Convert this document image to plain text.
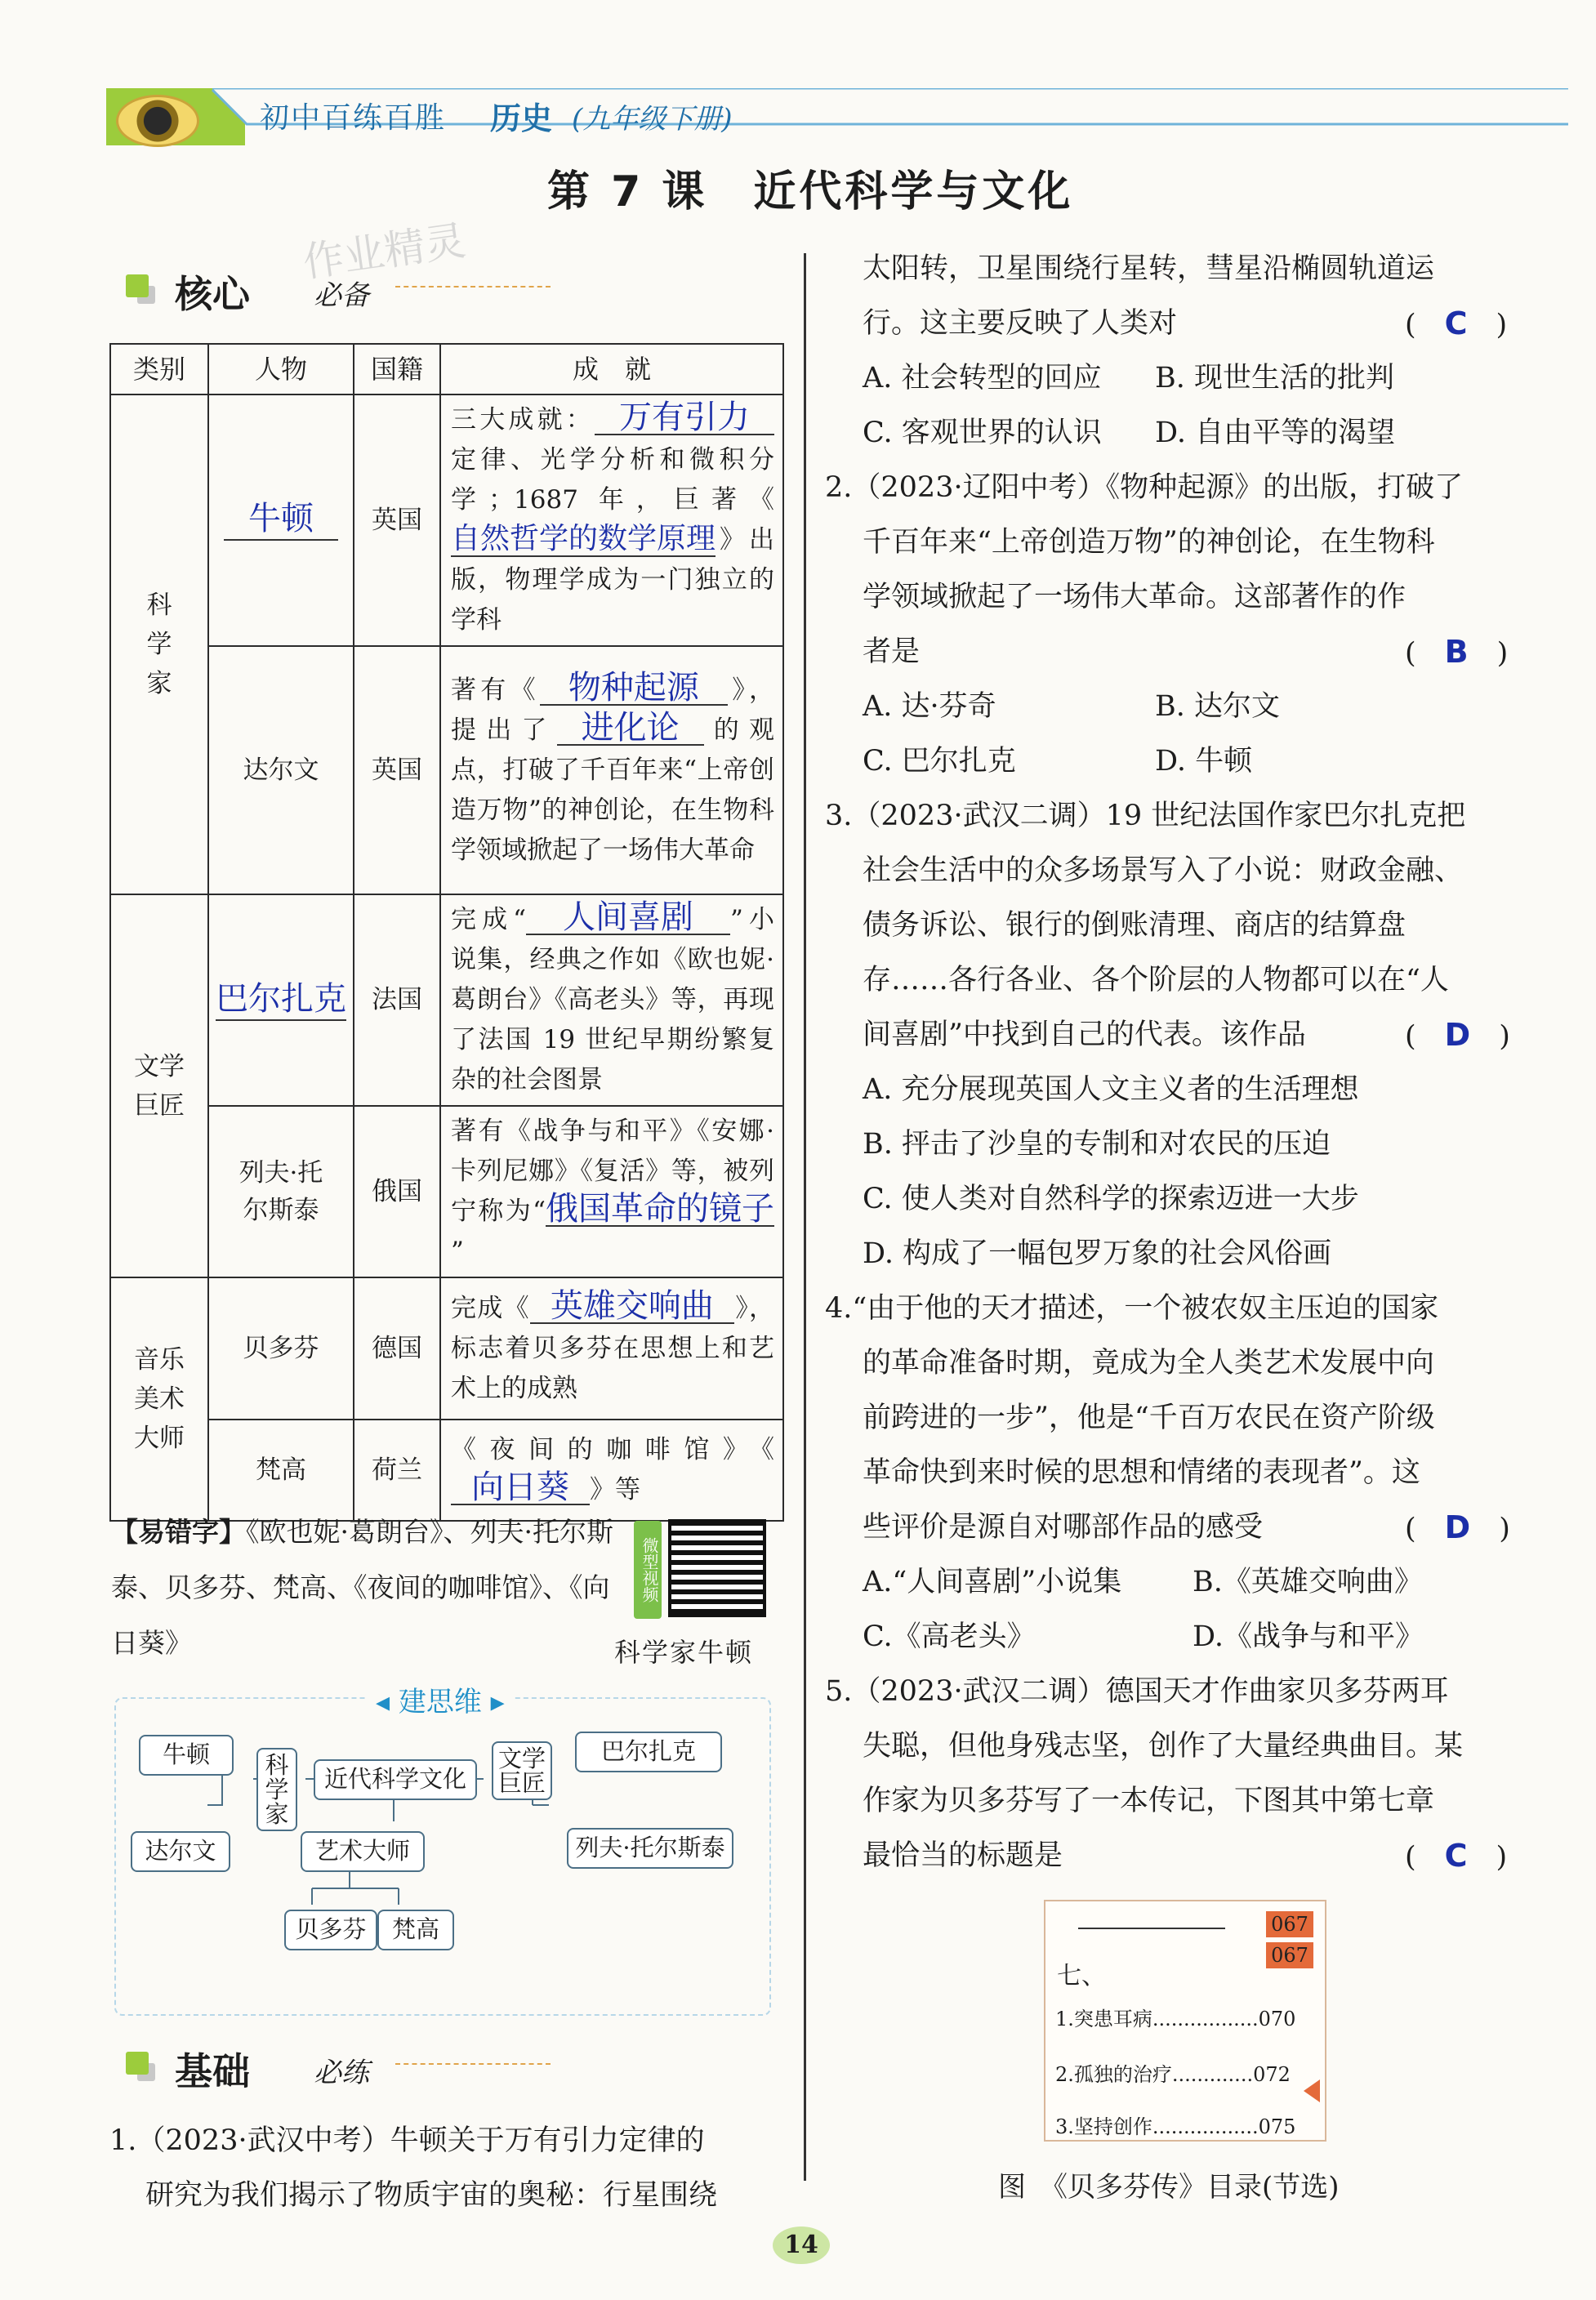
初中百练百胜 历史 (九年级下册)
第 7 课　近代科学与文化
作业精灵
核心 必备
类别	人物	国籍	成　就

科学家	牛顿	英国	三大成就： 万有引力定律、光学分析和微积分学；1687 年，巨著《自然哲学的数学原理》出版，物理学成为一门独立的学科
	达尔文	英国	著有《 物种起源 》，提出了 进化论 的观点，打破了千百年来“上帝创造万物”的神创论，在生物科学领域掀起了一场伟大革命

文学巨匠	巴尔扎克	法国	完成“ 人间喜剧 ”小说集，经典之作如《欧也妮·葛朗台》《高老头》等，再现了法国 19 世纪早期纷繁复杂的社会图景

	列夫·托尔斯泰	俄国	著有《战争与和平》《安娜·卡列尼娜》《复活》等，被列宁称为“俄国革命的镜子”

音乐美术大师	贝多芬	德国	完成《 英雄交响曲 》，标志着贝多芬在思想上和艺术上的成熟
	梵高	荷兰	《夜间的咖啡馆》《向日葵 》等
【易错字】《欧也妮·葛朗台》、列夫·托尔斯泰、贝多芬、梵高、《夜间的咖啡馆》、《向日葵》
微型视频
科学家牛顿
牛顿
达尔文
科学家
近代科学文化
文学巨匠
巴尔扎克
列夫·托尔斯泰
艺术大师
贝多芬	梵高
◂ 建思维 ▸
基础 必练
1.（2023·武汉中考）牛顿关于万有引力定律的
研究为我们揭示了物质宇宙的奥秘：行星围绕
太阳转，卫星围绕行星转，彗星沿椭圆轨道运
行。这主要反映了人类对	(　C　)
A. 社会转型的回应 B. 现世生活的批判
C. 客观世界的认识 D. 自由平等的渴望
2.（2023·辽阳中考）《物种起源》的出版，打破了
千百年来“上帝创造万物”的神创论，在生物科
学领域掀起了一场伟大革命。这部著作的作
者是	(　B　)
A. 达·芬奇	B. 达尔文
C. 巴尔扎克	D. 牛顿
3.（2023·武汉二调）19 世纪法国作家巴尔扎克把
社会生活中的众多场景写入了小说：财政金融、
债务诉讼、银行的倒账清理、商店的结算盘
存……各行各业、各个阶层的人物都可以在“人
间喜剧”中找到自己的代表。该作品	(　D　)
A. 充分展现英国人文主义者的生活理想
B. 抨击了沙皇的专制和对农民的压迫
C. 使人类对自然科学的探索迈进一大步
D. 构成了一幅包罗万象的社会风俗画
4.“由于他的天才描述，一个被农奴主压迫的国家
的革命准备时期，竟成为全人类艺术发展中向
前跨进的一步”，他是“千百万农民在资产阶级
革命快到来时候的思想和情绪的表现者”。这
些评价是源自对哪部作品的感受	(　D　)
A.“人间喜剧”小说集 B.《英雄交响曲》
C.《高老头》	D.《战争与和平》
5.（2023·武汉二调）德国天才作曲家贝多芬两耳
失聪，但他身残志坚，创作了大量经典曲目。某
作家为贝多芬写了一本传记，下图其中第七章
最恰当的标题是	(　C　)
067
067
七、
1.突患耳病.................070
2.孤独的治疗.............072
3.坚持创作.................075
图　《贝多芬传》目录(节选)
14
